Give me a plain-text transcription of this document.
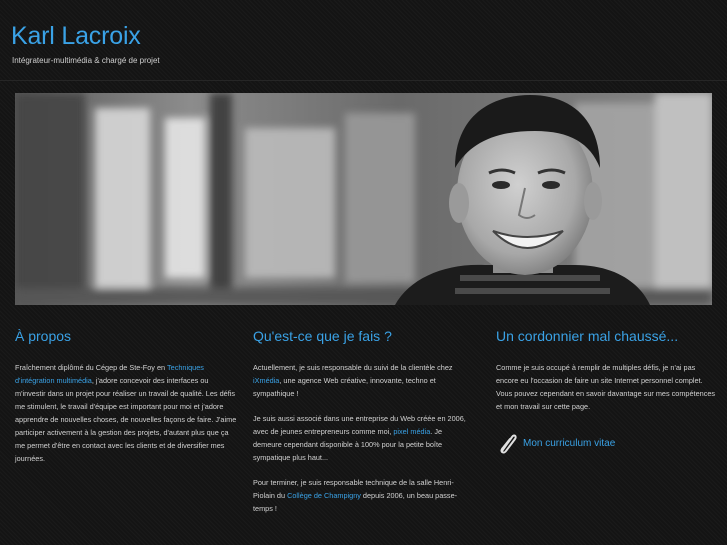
Karl Lacroix
Intégrateur-multimédia & chargé de projet
À propos

Fraîchement diplômé du Cégep de Ste-Foy en Techniques d'intégration multimédia, j'adore concevoir des interfaces ou m'investir dans un projet pour réaliser un travail de qualité. Les défis me stimulent, le travail d'équipe est important pour moi et j'adore apprendre de nouvelles choses, de nouvelles façons de faire. J'aime participer activement à la gestion des projets, d'autant plus que ça me permet d'être en contact avec les clients et de diversifier mes journées.

Qu'est-ce que je fais ?

Actuellement, je suis responsable du suivi de la clientèle chez iXmédia, une agence Web créative, innovante, techno et sympathique !

Je suis aussi associé dans une entreprise du Web créée en 2006, avec de jeunes entrepreneurs comme moi, pixel média. Je demeure cependant disponible à 100% pour la petite boîte sympatique plus haut...

Pour terminer, je suis responsable technique de la salle Henri-Piolain du Collège de Champigny depuis 2006, un beau passe-temps !

Un cordonnier mal chaussé...

Comme je suis occupé à remplir de multiples défis, je n'ai pas encore eu l'occasion de faire un site Internet personnel complet. Vous pouvez cependant en savoir davantage sur mes compétences et mon travail sur cette page.

Mon curriculum vitae
